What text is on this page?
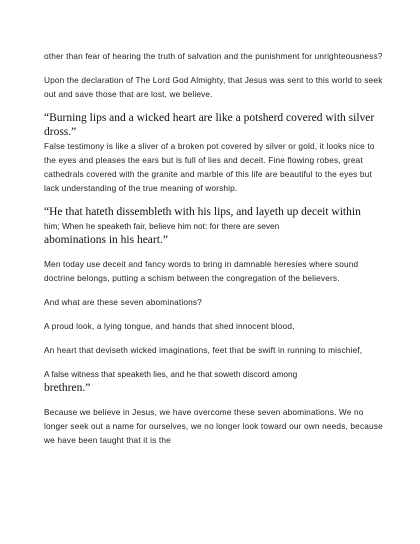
other than fear of hearing the truth of salvation and the punishment for unrighteousness?

Upon the declaration of The Lord God Almighty, that Jesus was sent to this world to seek out and save those that are lost, we believe.

“Burning lips and a wicked heart are like a potsherd covered with silver dross.”

False testimony is like a sliver of a broken pot covered by silver or gold, it looks nice to the eyes and pleases the ears but is full of lies and deceit. Fine flowing robes, great cathedrals covered with the granite and marble of this life are beautiful to the eyes but lack understanding of the true meaning of worship.

“He that hateth dissembleth with his lips, and layeth up deceit within
him; When he speaketh fair, believe him not: for there are seven
abominations in his heart.”

Men today use deceit and fancy words to bring in damnable heresies where sound doctrine belongs, putting a schism between the congregation of the believers.

And what are these seven abominations?

A proud look, a lying tongue, and hands that shed innocent blood,

An heart that deviseth wicked imaginations, feet that be swift in running to mischief,

A false witness that speaketh lies, and he that soweth discord among
brethren.”

Because we believe in Jesus, we have overcome these seven abominations. We no longer seek out a name for ourselves, we no longer look toward our own needs, because we have been taught that it is the
